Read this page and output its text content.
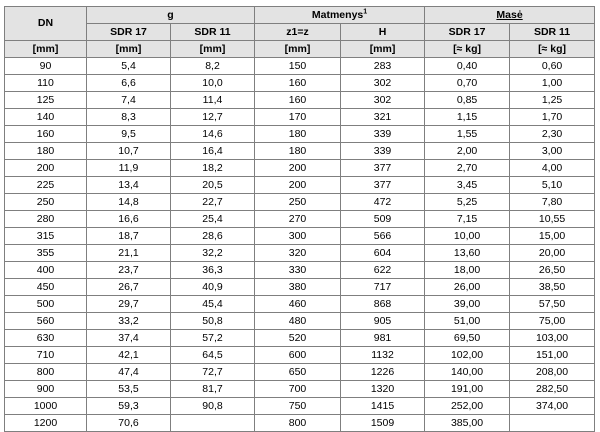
DN	g		Matmenys$^1$		Masė	
	SDR 17	SDR 11	z1=z	H	SDR 17	SDR 11
[mm]	[mm]	[mm]	[mm]	[mm]	[≈ kg]	[≈ kg]
90	5,4	8,2	150	283	0,40	0,60
110	6,6	10,0	160	302	0,70	1,00
125	7,4	11,4	160	302	0,85	1,25
140	8,3	12,7	170	321	1,15	1,70
160	9,5	14,6	180	339	1,55	2,30
180	10,7	16,4	180	339	2,00	3,00
200	11,9	18,2	200	377	2,70	4,00
225	13,4	20,5	200	377	3,45	5,10
250	14,8	22,7	250	472	5,25	7,80
280	16,6	25,4	270	509	7,15	10,55
315	18,7	28,6	300	566	10,00	15,00
355	21,1	32,2	320	604	13,60	20,00
400	23,7	36,3	330	622	18,00	26,50
450	26,7	40,9	380	717	26,00	38,50
500	29,7	45,4	460	868	39,00	57,50
560	33,2	50,8	480	905	51,00	75,00
630	37,4	57,2	520	981	69,50	103,00
710	42,1	64,5	600	1132	102,00	151,00
800	47,4	72,7	650	1226	140,00	208,00
900	53,5	81,7	700	1320	191,00	282,50
1000	59,3	90,8	750	1415	252,00	374,00
1200	70,6		800	1509	385,00	
